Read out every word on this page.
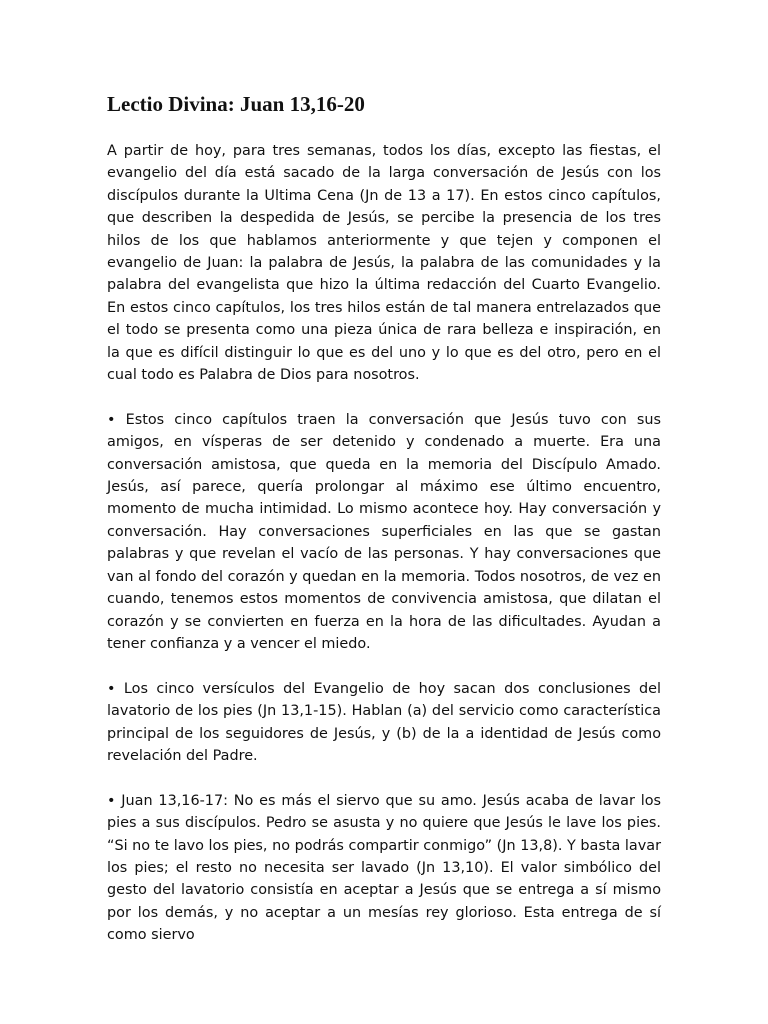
Lectio Divina: Juan 13,16-20

A partir de hoy, para tres semanas, todos los días, excepto las fiestas, el evangelio del día está sacado de la larga conversación de Jesús con los discípulos durante la Ultima Cena (Jn de 13 a 17). En estos cinco capítulos, que describen la despedida de Jesús, se percibe la presencia de los tres hilos de los que hablamos anteriormente y que tejen y componen el evangelio de Juan: la palabra de Jesús, la palabra de las comunidades y la palabra del evangelista que hizo la última redacción del Cuarto Evangelio. En estos cinco capítulos, los tres hilos están de tal manera entrelazados que el todo se presenta como una pieza única de rara belleza e inspiración, en la que es difícil distinguir lo que es del uno y lo que es del otro, pero en el cual todo es Palabra de Dios para nosotros.

• Estos cinco capítulos traen la conversación que Jesús tuvo con sus amigos, en vísperas de ser detenido y condenado a muerte. Era una conversación amistosa, que queda en la memoria del Discípulo Amado. Jesús, así parece, quería prolongar al máximo ese último encuentro, momento de mucha intimidad. Lo mismo acontece hoy. Hay conversación y conversación. Hay conversaciones superficiales en las que se gastan palabras y que revelan el vacío de las personas. Y hay conversaciones que van al fondo del corazón y quedan en la memoria. Todos nosotros, de vez en cuando, tenemos estos momentos de convivencia amistosa, que dilatan el corazón y se convierten en fuerza en la hora de las dificultades. Ayudan a tener confianza y a vencer el miedo.

• Los cinco versículos del Evangelio de hoy sacan dos conclusiones del lavatorio de los pies (Jn 13,1-15). Hablan (a) del servicio como característica principal de los seguidores de Jesús, y (b) de la a identidad de Jesús como revelación del Padre.

• Juan 13,16-17: No es más el siervo que su amo. Jesús acaba de lavar los pies a sus discípulos. Pedro se asusta y no quiere que Jesús le lave los pies. “Si no te lavo los pies, no podrás compartir conmigo” (Jn 13,8). Y basta lavar los pies; el resto no necesita ser lavado (Jn 13,10). El valor simbólico del gesto del lavatorio consistía en aceptar a Jesús que se entrega a sí mismo por los demás, y no aceptar a un mesías rey glorioso. Esta entrega de sí como siervo
